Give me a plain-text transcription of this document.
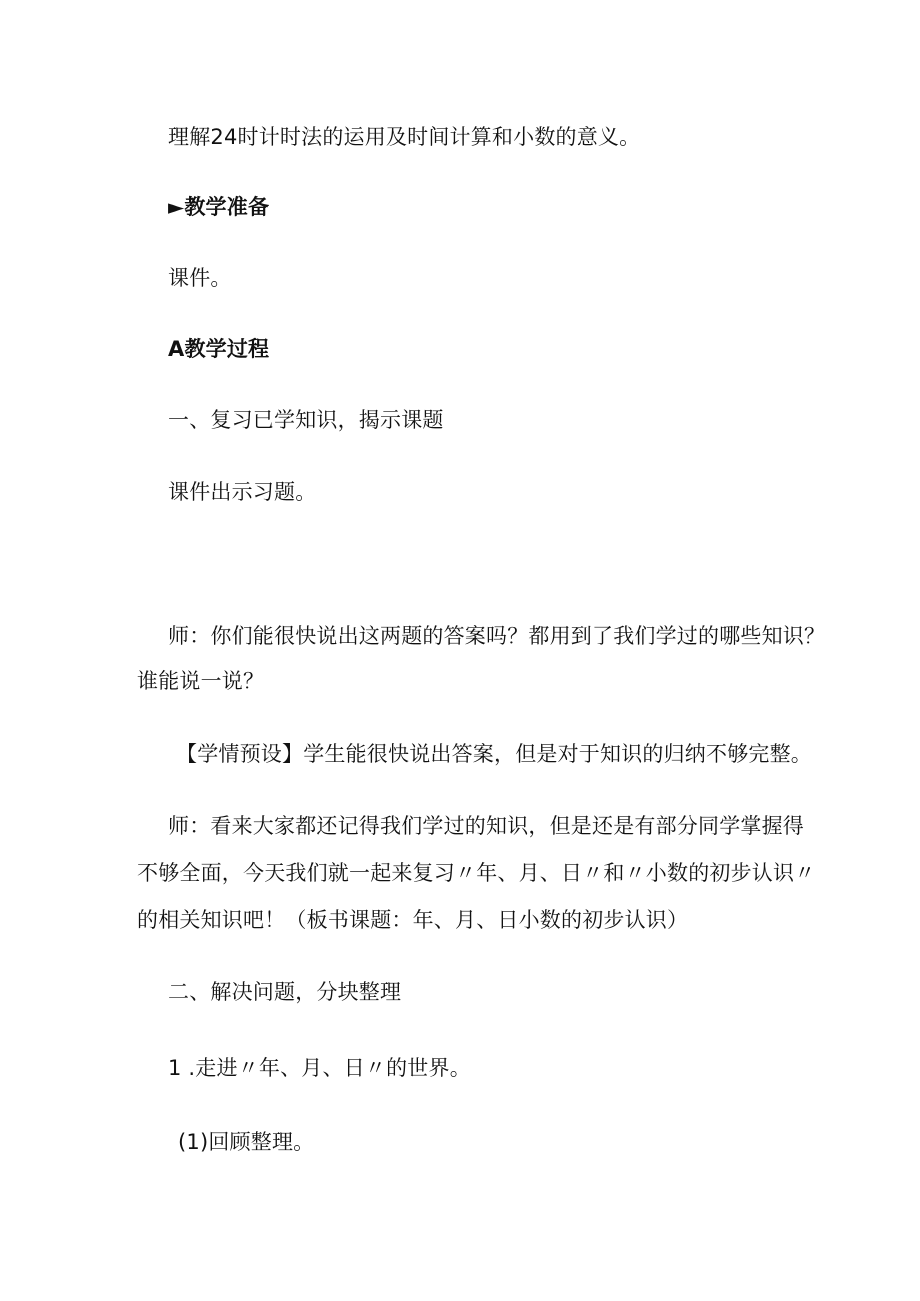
理解24时计时法的运用及时间计算和小数的意义。
►教学准备
课件。
A教学过程
一、复习已学知识，揭示课题
课件出示习题。
师：你们能很快说出这两题的答案吗？都用到了我们学过的哪些知识？
谁能说一说？
【学情预设】学生能很快说出答案，但是对于知识的归纳不够完整。
师：看来大家都还记得我们学过的知识，但是还是有部分同学掌握得
不够全面，今天我们就一起来复习〃年、月、日〃和〃小数的初步认识〃
的相关知识吧！（板书课题：年、月、日小数的初步认识）
二、解决问题，分块整理
1 .走进〃年、月、日〃的世界。
(1)回顾整理。
